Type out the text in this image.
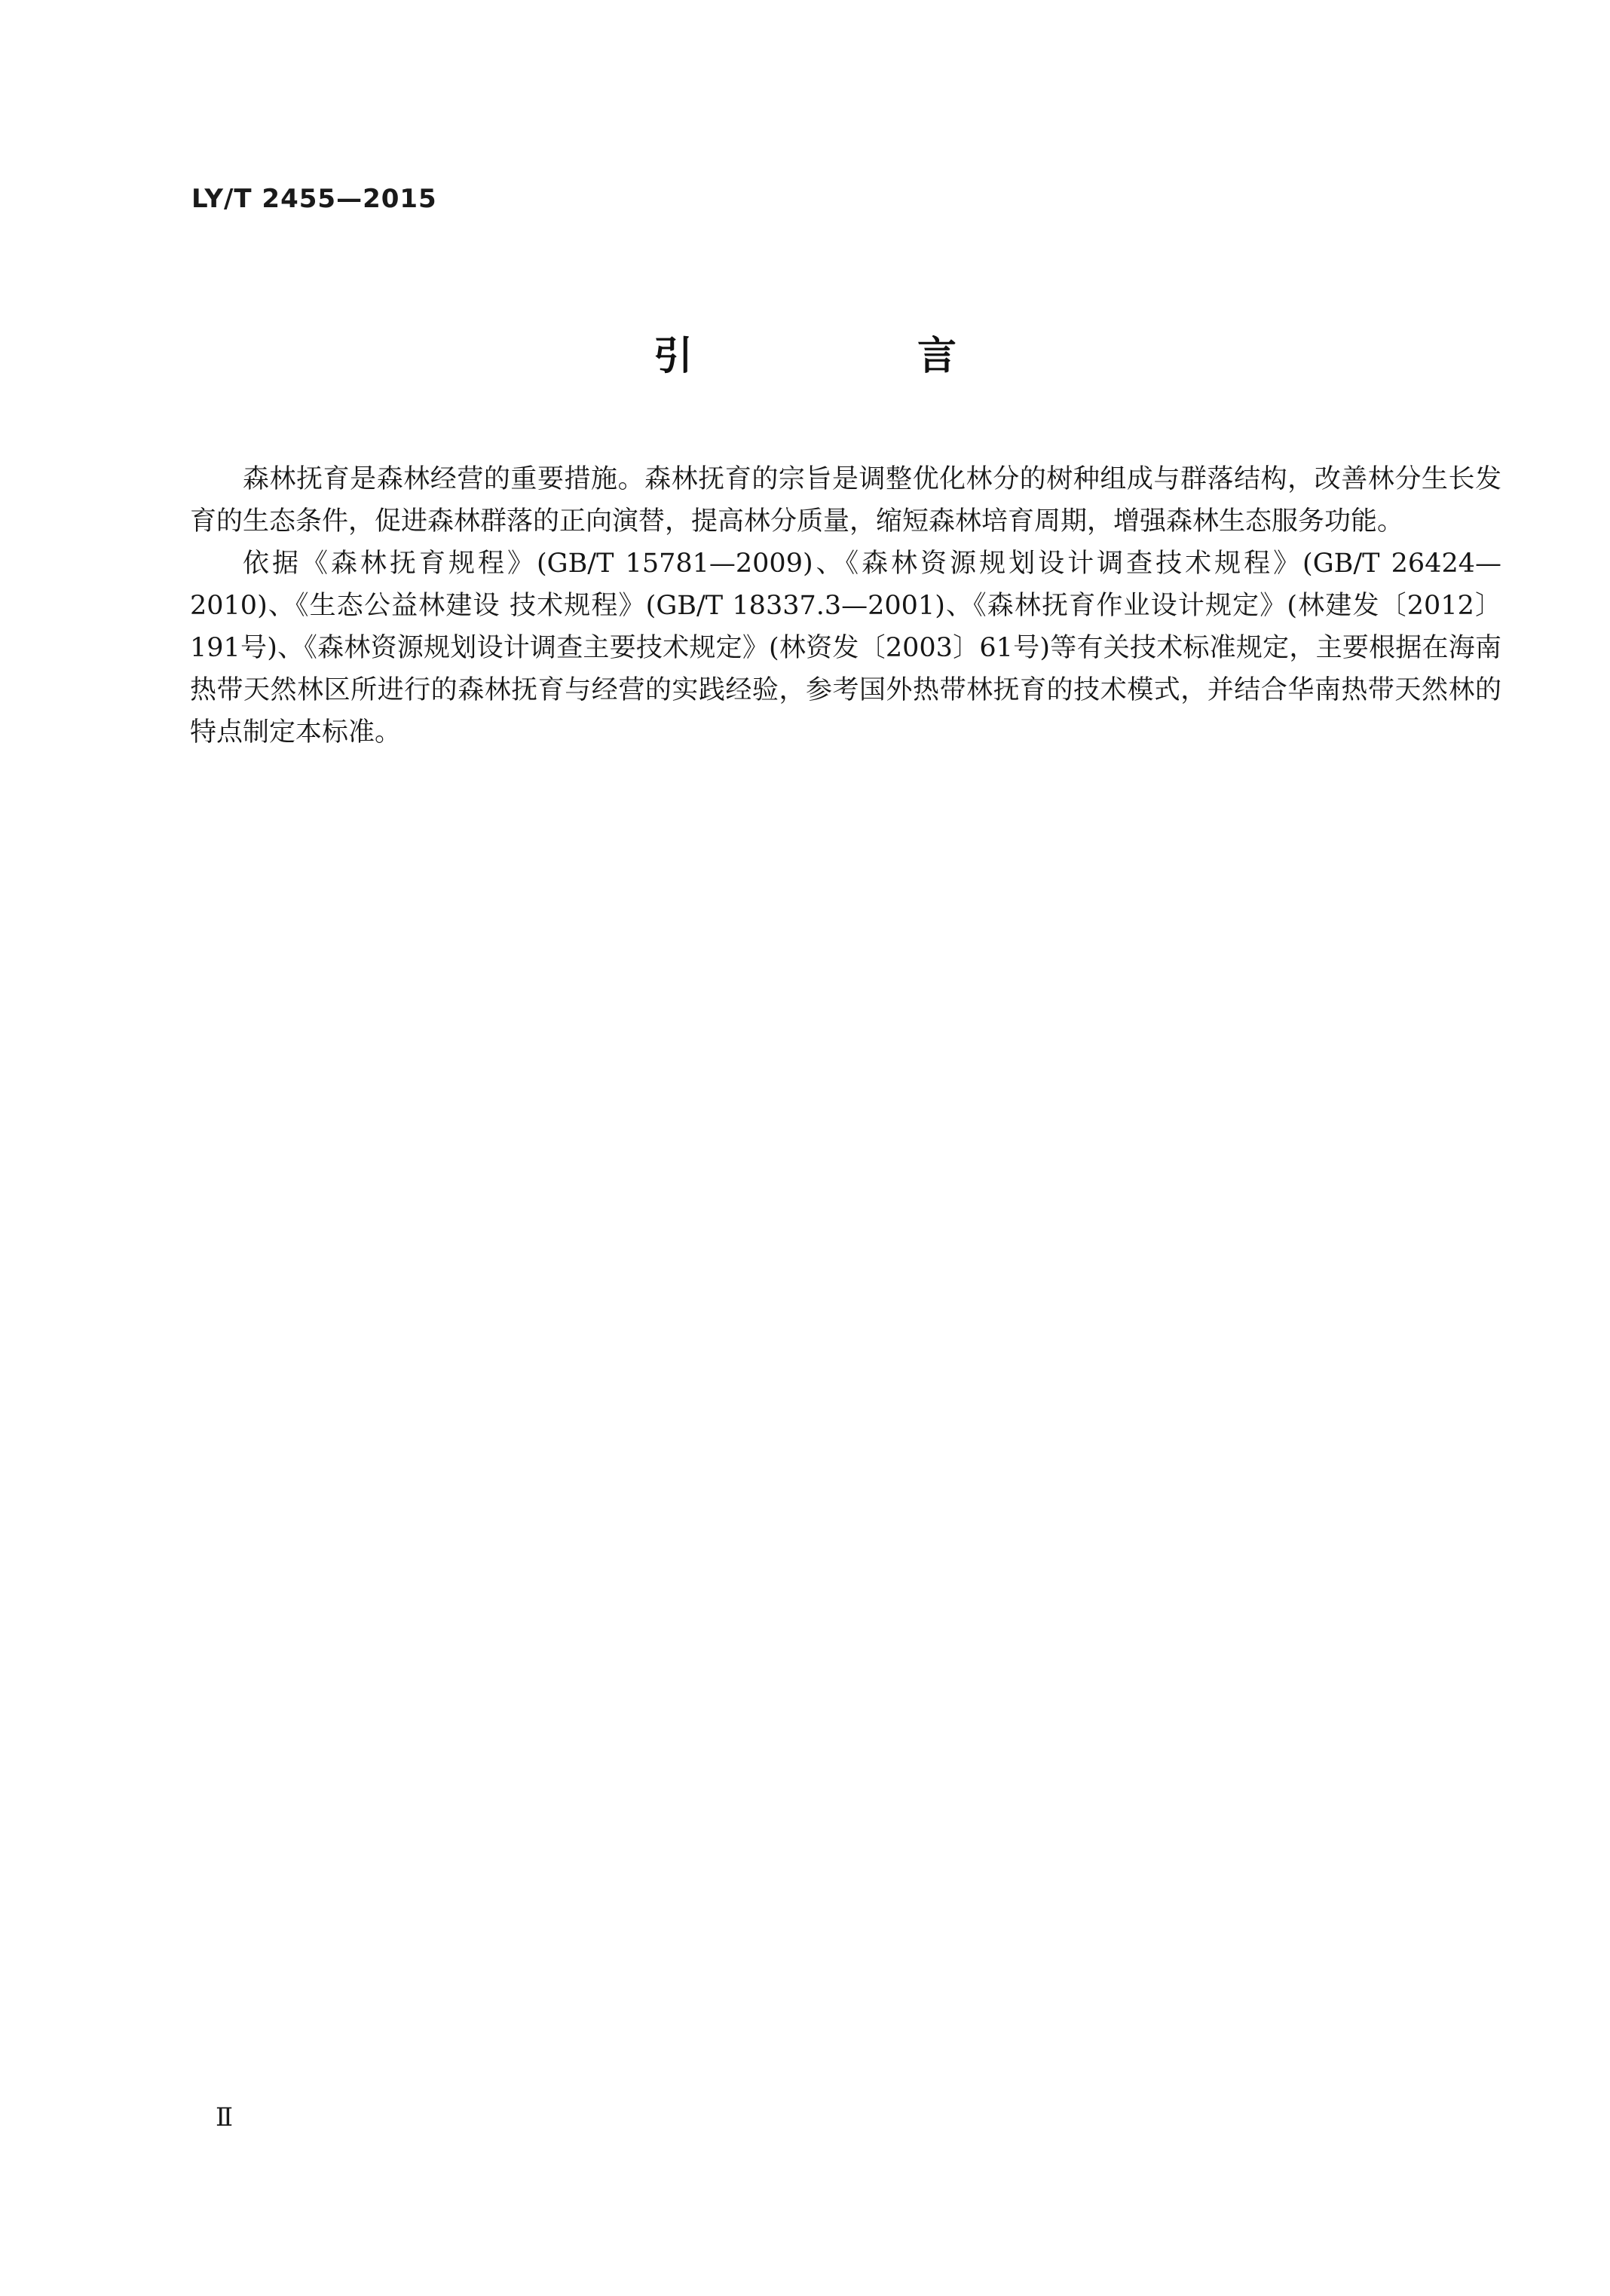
LY/T 2455—2015
引 言

森林抚育是森林经营的重要措施。森林抚育的宗旨是调整优化林分的树种组成与群落结构，改善林分生长发育的生态条件，促进森林群落的正向演替，提高林分质量，缩短森林培育周期，增强森林生态服务功能。

依据《森林抚育规程》(GB/T 15781—2009)、《森林资源规划设计调查技术规程》(GB/T 26424—2010)、《生态公益林建设 技术规程》(GB/T 18337.3—2001)、《森林抚育作业设计规定》(林建发〔2012〕191号)、《森林资源规划设计调查主要技术规定》(林资发〔2003〕61号)等有关技术标准规定，主要根据在海南热带天然林区所进行的森林抚育与经营的实践经验，参考国外热带林抚育的技术模式，并结合华南热带天然林的特点制定本标准。

Ⅱ
